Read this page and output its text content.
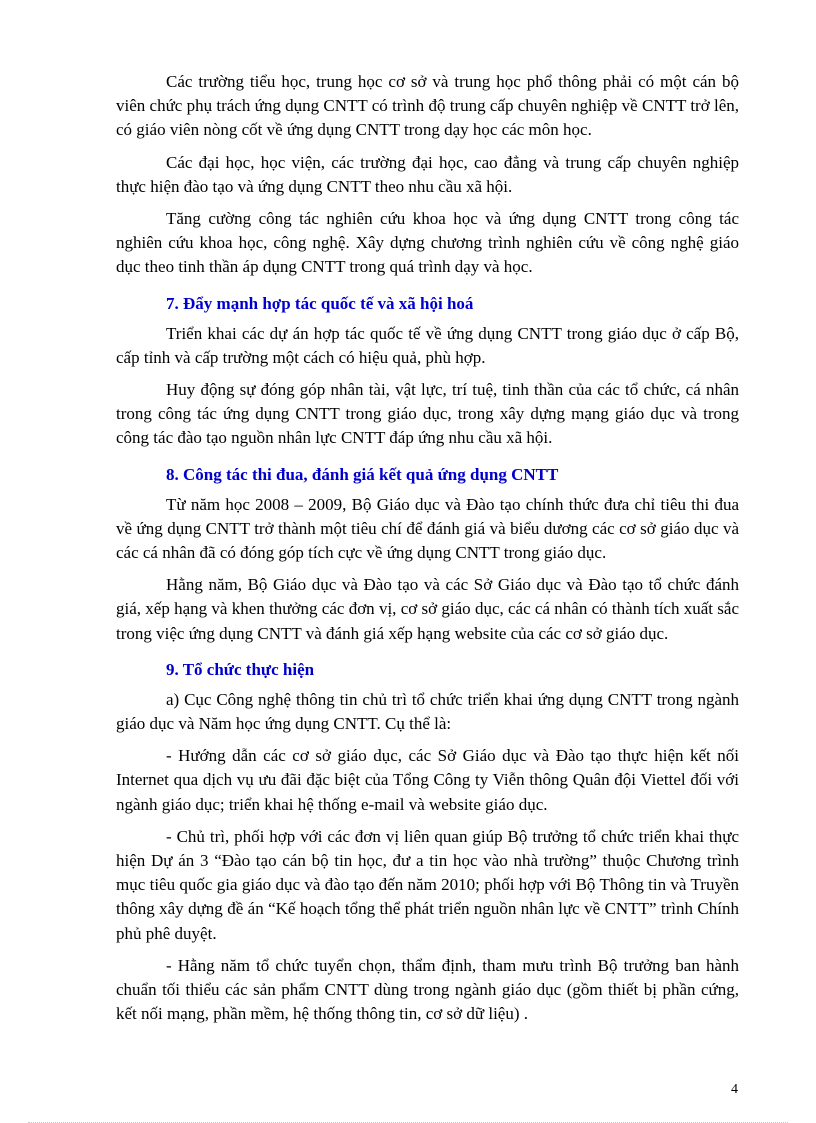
Các trường tiểu học, trung học cơ sở và trung học phổ thông phải có một cán bộ viên chức phụ trách ứng dụng CNTT có trình độ trung cấp chuyên nghiệp về CNTT trở lên, có giáo viên nòng cốt về ứng dụng CNTT trong dạy học các môn học.

Các đại học, học viện, các trường đại học, cao đẳng và trung cấp chuyên nghiệp thực hiện đào tạo và ứng dụng CNTT theo nhu cầu xã hội.

Tăng cường công tác nghiên cứu khoa học và ứng dụng CNTT trong công tác nghiên cứu khoa học, công nghệ. Xây dựng chương trình nghiên cứu về công nghệ giáo dục theo tinh thần áp dụng CNTT trong quá trình dạy và học.

7. Đẩy mạnh hợp tác quốc tế và xã hội hoá

Triển khai các dự án hợp tác quốc tế về ứng dụng CNTT trong giáo dục ở cấp Bộ, cấp tỉnh và cấp trường một cách có hiệu quả, phù hợp.

Huy động sự đóng góp nhân tài, vật lực, trí tuệ, tinh thần của các tổ chức, cá nhân trong công tác ứng dụng CNTT trong giáo dục, trong xây dựng mạng giáo dục và trong công tác đào tạo nguồn nhân lực CNTT đáp ứng nhu cầu xã hội.

8. Công tác thi đua, đánh giá kết quả ứng dụng CNTT

Từ năm học 2008 – 2009, Bộ Giáo dục và Đào tạo chính thức đưa chỉ tiêu thi đua về ứng dụng CNTT trở thành một tiêu chí để đánh giá và biểu dương các cơ sở giáo dục và các cá nhân đã có đóng góp tích cực về ứng dụng CNTT trong giáo dục.

Hằng năm, Bộ Giáo dục và Đào tạo và các Sở Giáo dục và Đào tạo tổ chức đánh giá, xếp hạng và khen thưởng các đơn vị, cơ sở giáo dục, các cá nhân có thành tích xuất sắc trong việc ứng dụng CNTT và đánh giá xếp hạng website của các cơ sở giáo dục.

9. Tổ chức thực hiện

a) Cục Công nghệ thông tin chủ trì tổ chức triển khai ứng dụng CNTT trong ngành giáo dục và Năm học ứng dụng CNTT. Cụ thể là:

- Hướng dẫn các cơ sở giáo dục, các Sở Giáo dục và Đào tạo thực hiện kết nối Internet qua dịch vụ ưu đãi đặc biệt của Tổng Công ty Viễn thông Quân đội Viettel đối với ngành giáo dục; triển khai hệ thống e-mail và website giáo dục.

- Chủ trì, phối hợp với các đơn vị liên quan giúp Bộ trưởng tổ chức triển khai thực hiện Dự án 3 “Đào tạo cán bộ tin học, đư a tin học vào nhà trường” thuộc Chương trình mục tiêu quốc gia giáo dục và đào tạo đến năm 2010; phối hợp với Bộ Thông tin và Truyền thông xây dựng đề án “Kế hoạch tổng thể phát triển nguồn nhân lực về CNTT” trình Chính phủ phê duyệt.

- Hằng năm tổ chức tuyển chọn, thẩm định, tham mưu trình Bộ trưởng ban hành chuẩn tối thiểu các sản phẩm CNTT dùng trong ngành giáo dục (gồm thiết bị phần cứng, kết nối mạng, phần mềm, hệ thống thông tin, cơ sở dữ liệu) .

4
